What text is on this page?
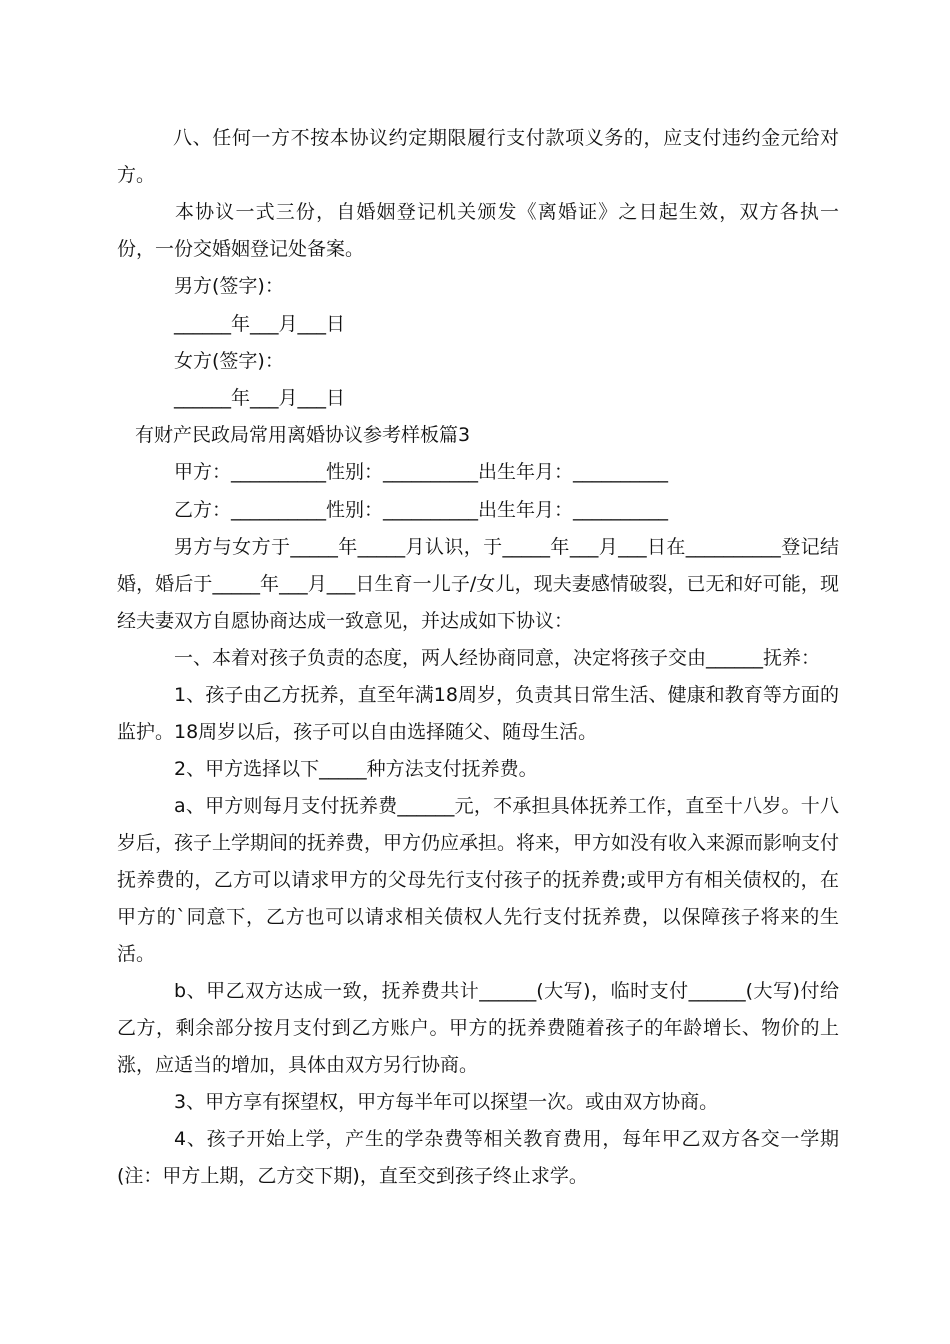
八、任何一方不按本协议约定期限履行支付款项义务的，应支付违约金元给对方。
本协议一式三份，自婚姻登记机关颁发《离婚证》之日起生效，双方各执一份，一份交婚姻登记处备案。
男方(签字)：
______年___月___日
女方(签字)：
______年___月___日
有财产民政局常用离婚协议参考样板篇3
甲方：__________性别：__________出生年月：__________
乙方：__________性别：__________出生年月：__________
男方与女方于_____年_____月认识，于_____年___月___日在__________登记结婚，婚后于_____年___月___日生育一儿子/女儿，现夫妻感情破裂，已无和好可能，现经夫妻双方自愿协商达成一致意见，并达成如下协议：
一、本着对孩子负责的态度，两人经协商同意，决定将孩子交由______抚养：
1、孩子由乙方抚养，直至年满18周岁，负责其日常生活、健康和教育等方面的监护。18周岁以后，孩子可以自由选择随父、随母生活。
2、甲方选择以下_____种方法支付抚养费。
a、甲方则每月支付抚养费______元，不承担具体抚养工作，直至十八岁。十八岁后，孩子上学期间的抚养费，甲方仍应承担。将来，甲方如没有收入来源而影响支付抚养费的，乙方可以请求甲方的父母先行支付孩子的抚养费;或甲方有相关债权的，在甲方的`同意下，乙方也可以请求相关债权人先行支付抚养费，以保障孩子将来的生活。
b、甲乙双方达成一致，抚养费共计______(大写)，临时支付______(大写)付给乙方，剩余部分按月支付到乙方账户。甲方的抚养费随着孩子的年龄增长、物价的上涨，应适当的增加，具体由双方另行协商。
3、甲方享有探望权，甲方每半年可以探望一次。或由双方协商。
4、孩子开始上学，产生的学杂费等相关教育费用，每年甲乙双方各交一学期(注：甲方上期，乙方交下期)，直至交到孩子终止求学。
